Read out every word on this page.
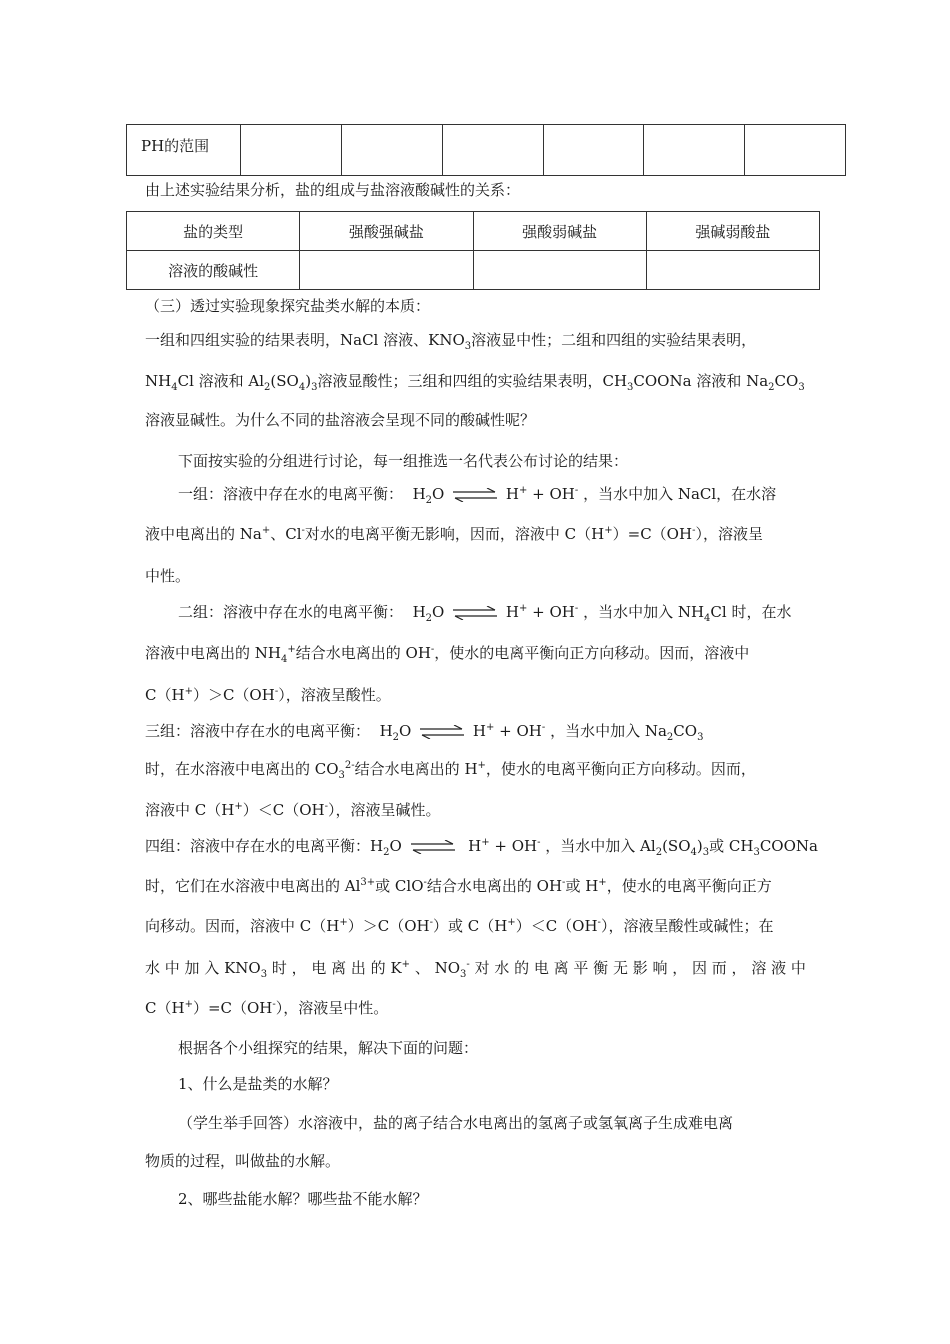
PH的范围						
由上述实验结果分析，盐的组成与盐溶液酸碱性的关系：
盐的类型	强酸强碱盐	强酸弱碱盐	强碱弱酸盐
溶液的酸碱性			
（三）透过实验现象探究盐类水解的本质：
一组和四组实验的结果表明，NaCl 溶液、$KNO_3$溶液显中性；二组和四组的实验结果表明，
$NH_4Cl$ 溶液和 $Al_2(SO_4)_3$溶液显酸性；三组和四组的实验结果表明，$CH_3COONa$ 溶液和 $Na_2CO_3$
溶液显碱性。为什么不同的盐溶液会呈现不同的酸碱性呢？
下面按实验的分组进行讨论，每一组推选一名代表公布讨论的结果：
一组：溶液中存在水的电离平衡： $H_2O$ ⇌ H+ + OH- ，当水中加入 NaCl，在水溶
液中电离出的 Na+、Cl-对水的电离平衡无影响，因而，溶液中 C（H+）=C（OH-），溶液呈
中性。
二组：溶液中存在水的电离平衡： $H_2O$ ⇌ H+ + OH- ，当水中加入 $NH_4Cl$ 时，在水
溶液中电离出的 $NH_4^+$结合水电离出的 OH-，使水的电离平衡向正方向移动。因而，溶液中
C（H+）＞C（OH-），溶液呈酸性。
三组：溶液中存在水的电离平衡： $H_2O$ ⇌ H+ + OH- ，当水中加入 $Na_2CO_3$
时，在水溶液中电离出的 $CO_3^{2-}$结合水电离出的 H+，使水的电离平衡向正方向移动。因而，
溶液中 C（H+）＜C（OH-），溶液呈碱性。
四组：溶液中存在水的电离平衡：$H_2O$ ⇌ H+ + OH- ，当水中加入 $Al_2(SO_4)_3$或 $CH_3COONa$
时，它们在水溶液中电离出的 $Al^{3+}$或 ClO-结合水电离出的 OH-或 H+，使水的电离平衡向正方
向移动。因而，溶液中 C（H+）＞C（OH-）或 C（H+）＜C（OH-），溶液呈酸性或碱性；在
水 中 加 入 $KNO_3$ 时 ， 电 离 出 的 K+ 、 $NO_3^-$ 对 水 的 电 离 平 衡 无 影 响 ， 因 而 ， 溶 液 中
C（H+）=C（OH-），溶液呈中性。
根据各个小组探究的结果，解决下面的问题：
1、什么是盐类的水解？
（学生举手回答）水溶液中，盐的离子结合水电离出的氢离子或氢氧离子生成难电离
物质的过程，叫做盐的水解。
2、哪些盐能水解？哪些盐不能水解？
